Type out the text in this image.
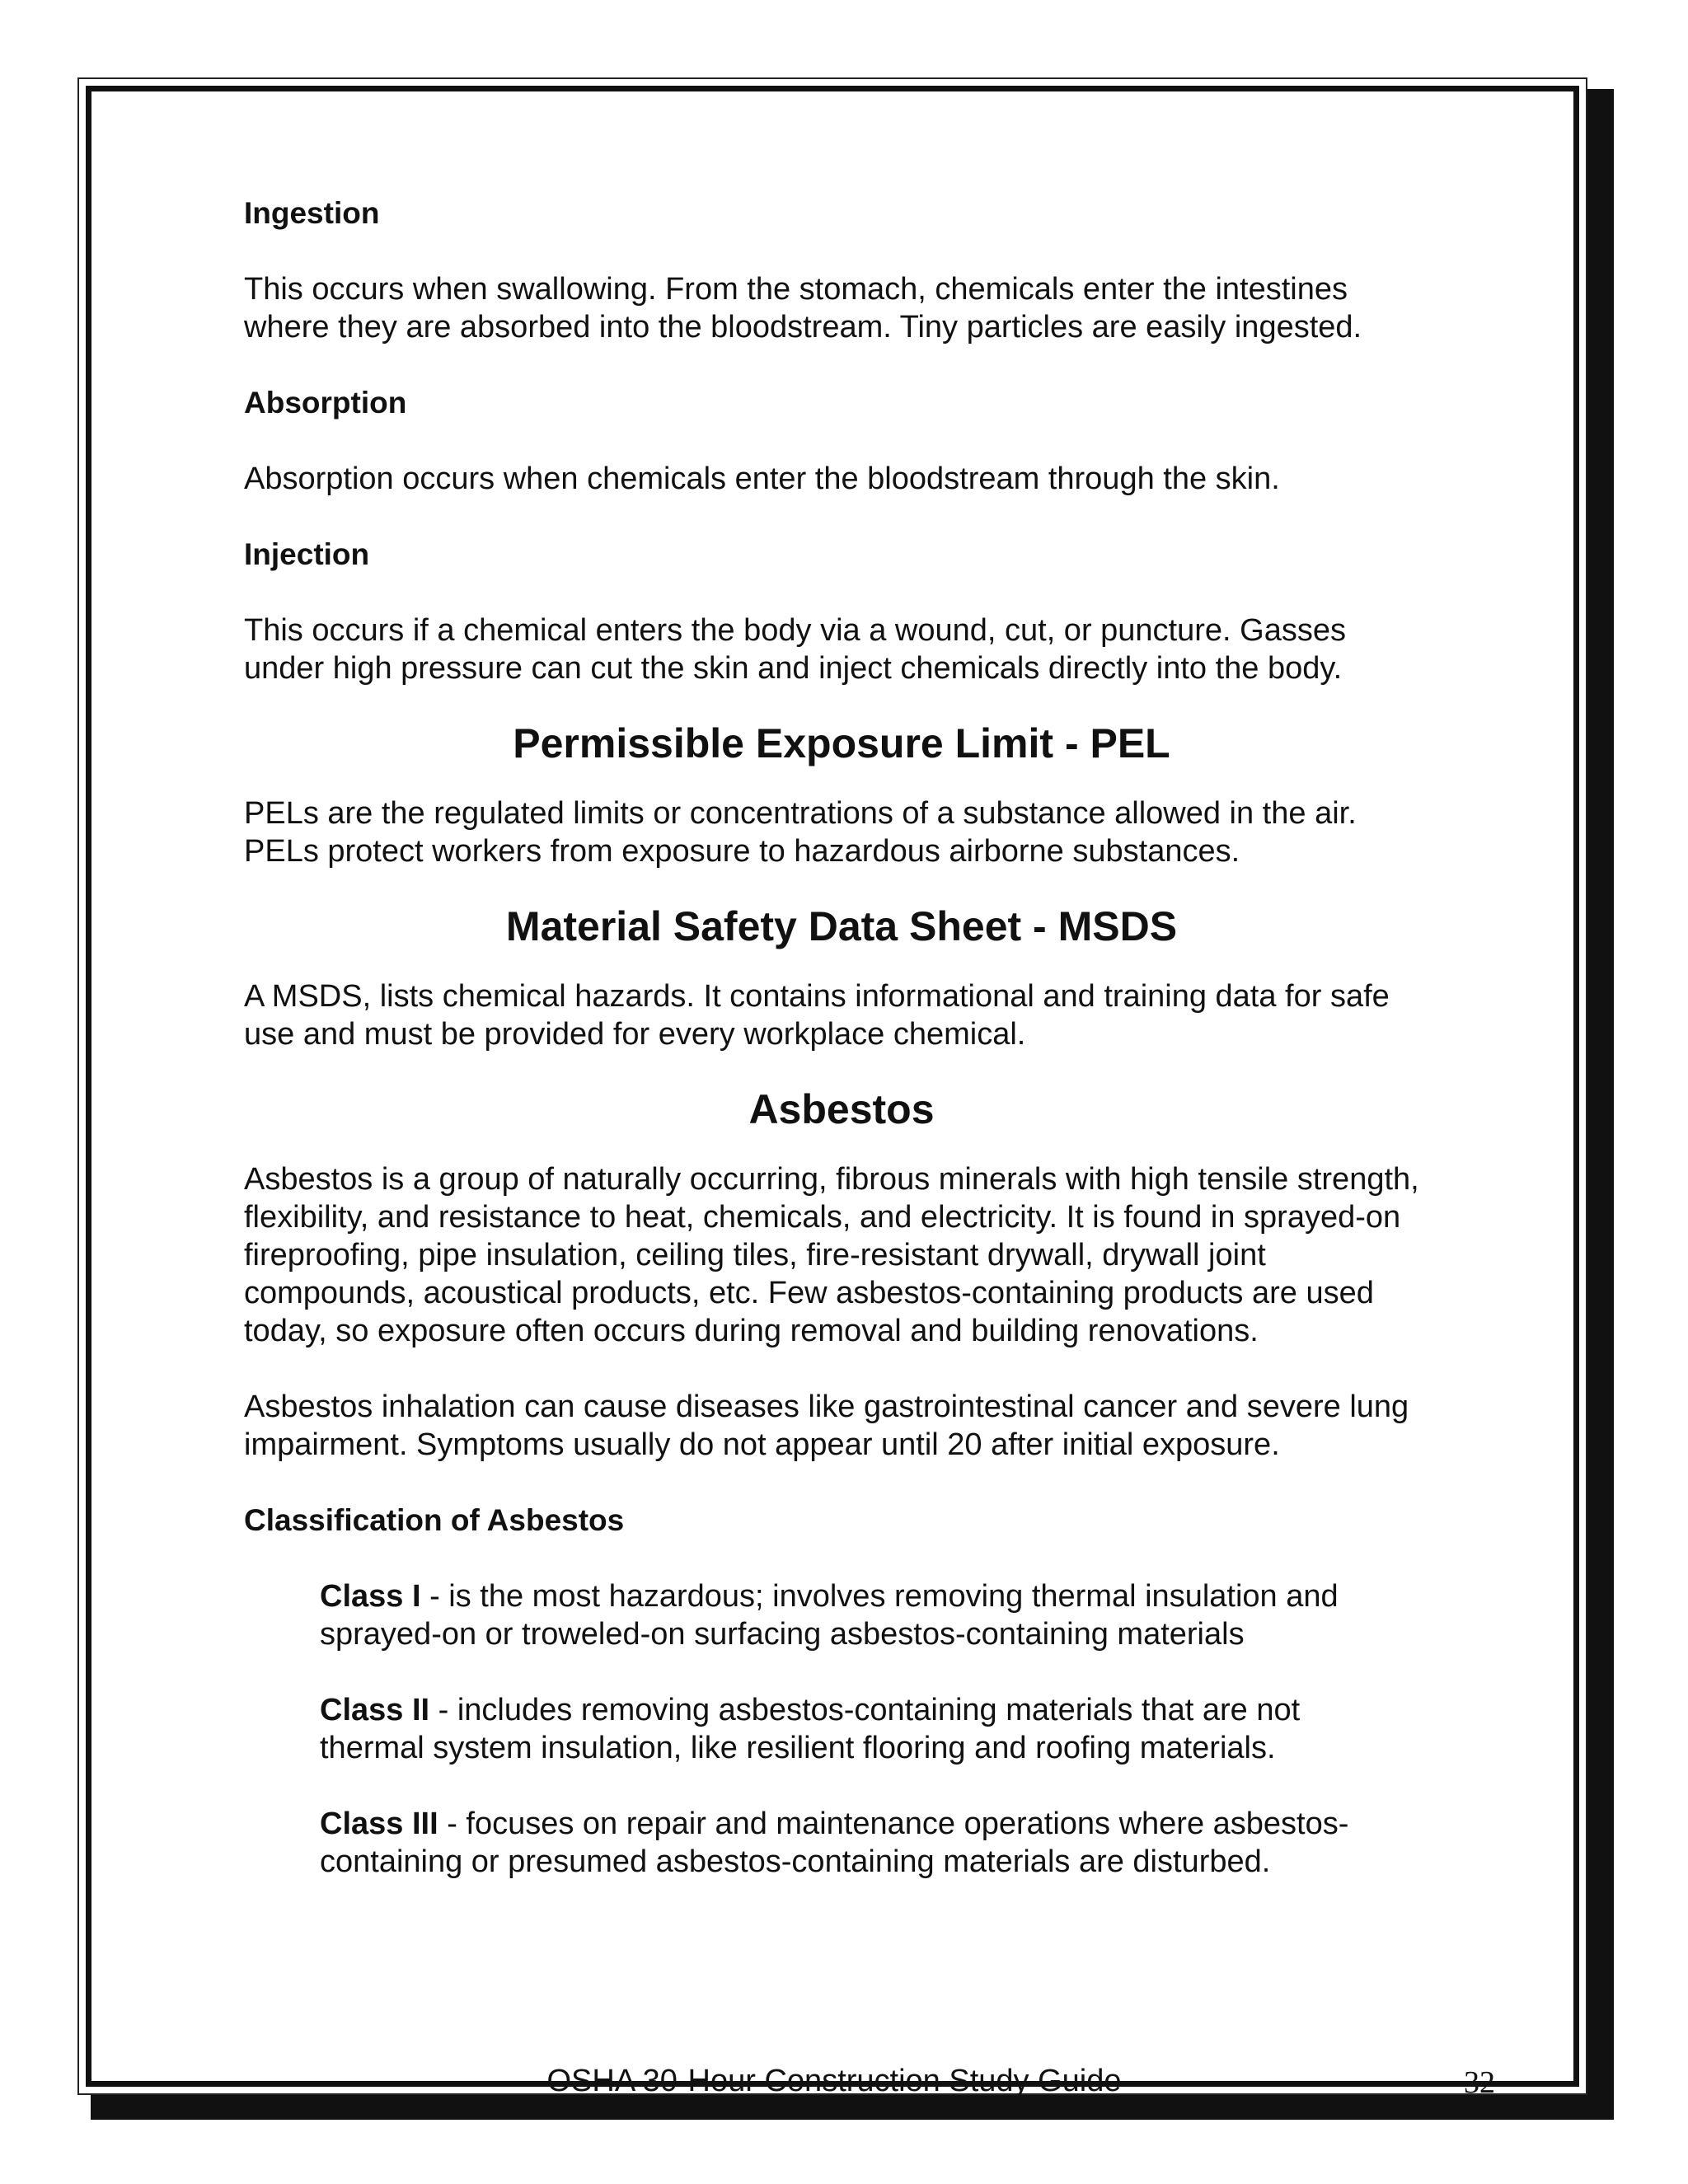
Ingestion

This occurs when swallowing. From the stomach, chemicals enter the intestines where they are absorbed into the bloodstream. Tiny particles are easily ingested.

Absorption

Absorption occurs when chemicals enter the bloodstream through the skin.

Injection

This occurs if a chemical enters the body via a wound, cut, or puncture. Gasses under high pressure can cut the skin and inject chemicals directly into the body.

Permissible Exposure Limit - PEL

PELs are the regulated limits or concentrations of a substance allowed in the air. PELs protect workers from exposure to hazardous airborne substances.

Material Safety Data Sheet - MSDS

A MSDS, lists chemical hazards. It contains informational and training data for safe use and must be provided for every workplace chemical.

Asbestos

Asbestos is a group of naturally occurring, fibrous minerals with high tensile strength, flexibility, and resistance to heat, chemicals, and electricity. It is found in sprayed-on fireproofing, pipe insulation, ceiling tiles, fire-resistant drywall, drywall joint compounds, acoustical products, etc. Few asbestos-containing products are used today, so exposure often occurs during removal and building renovations.

Asbestos inhalation can cause diseases like gastrointestinal cancer and severe lung impairment. Symptoms usually do not appear until 20 after initial exposure.

Classification of Asbestos

Class I - is the most hazardous; involves removing thermal insulation and sprayed-on or troweled-on surfacing asbestos-containing materials

Class II - includes removing asbestos-containing materials that are not thermal system insulation, like resilient flooring and roofing materials.

Class III - focuses on repair and maintenance operations where asbestos-containing or presumed asbestos-containing materials are disturbed.

OSHA 30-Hour Construction Study Guide	32
